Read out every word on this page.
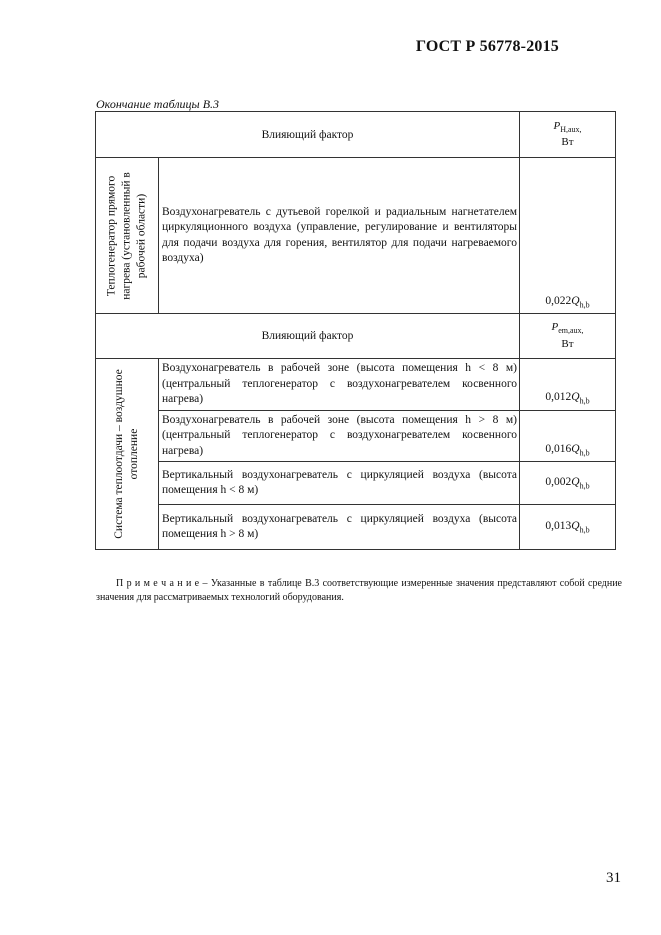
ГОСТ Р 56778-2015
Окончание таблицы В.3
Влияющий фактор		$P_{H,aux,}$
Вт

Теплогенератор прямого нагрева (установленный в рабочей области)	Воздухонагреватель с дутьевой горелкой и радиальным нагнетателем циркуляционного воздуха (управление, регулирование и вентиляторы для подачи воздуха для горения, вентилятор для подачи нагреваемого воздуха)	$0,022Q_{h,b}$
Влияющий фактор		$P_{em,aux,}$
Вт

Система теплоотдачи – воздушное отопление	Воздухонагреватель в рабочей зоне (высота помещения h < 8 м) (центральный теплогенератор с воздухонагревателем косвенного нагрева)	$0,012Q_{h,b}$
	Воздухонагреватель в рабочей зоне (высота помещения h > 8 м) (центральный теплогенератор с воздухонагревателем косвенного нагрева)	$0,016Q_{h,b}$
	Вертикальный воздухонагреватель с циркуляцией воздуха (высота помещения h < 8 м)	$0,002Q_{h,b}$
	Вертикальный воздухонагреватель с циркуляцией воздуха (высота помещения h > 8 м)	$0,013Q_{h,b}$
П р и м е ч а н и е – Указанные в таблице В.3 соответствующие измеренные значения представляют собой средние значения для рассматриваемых технологий оборудования.
31
